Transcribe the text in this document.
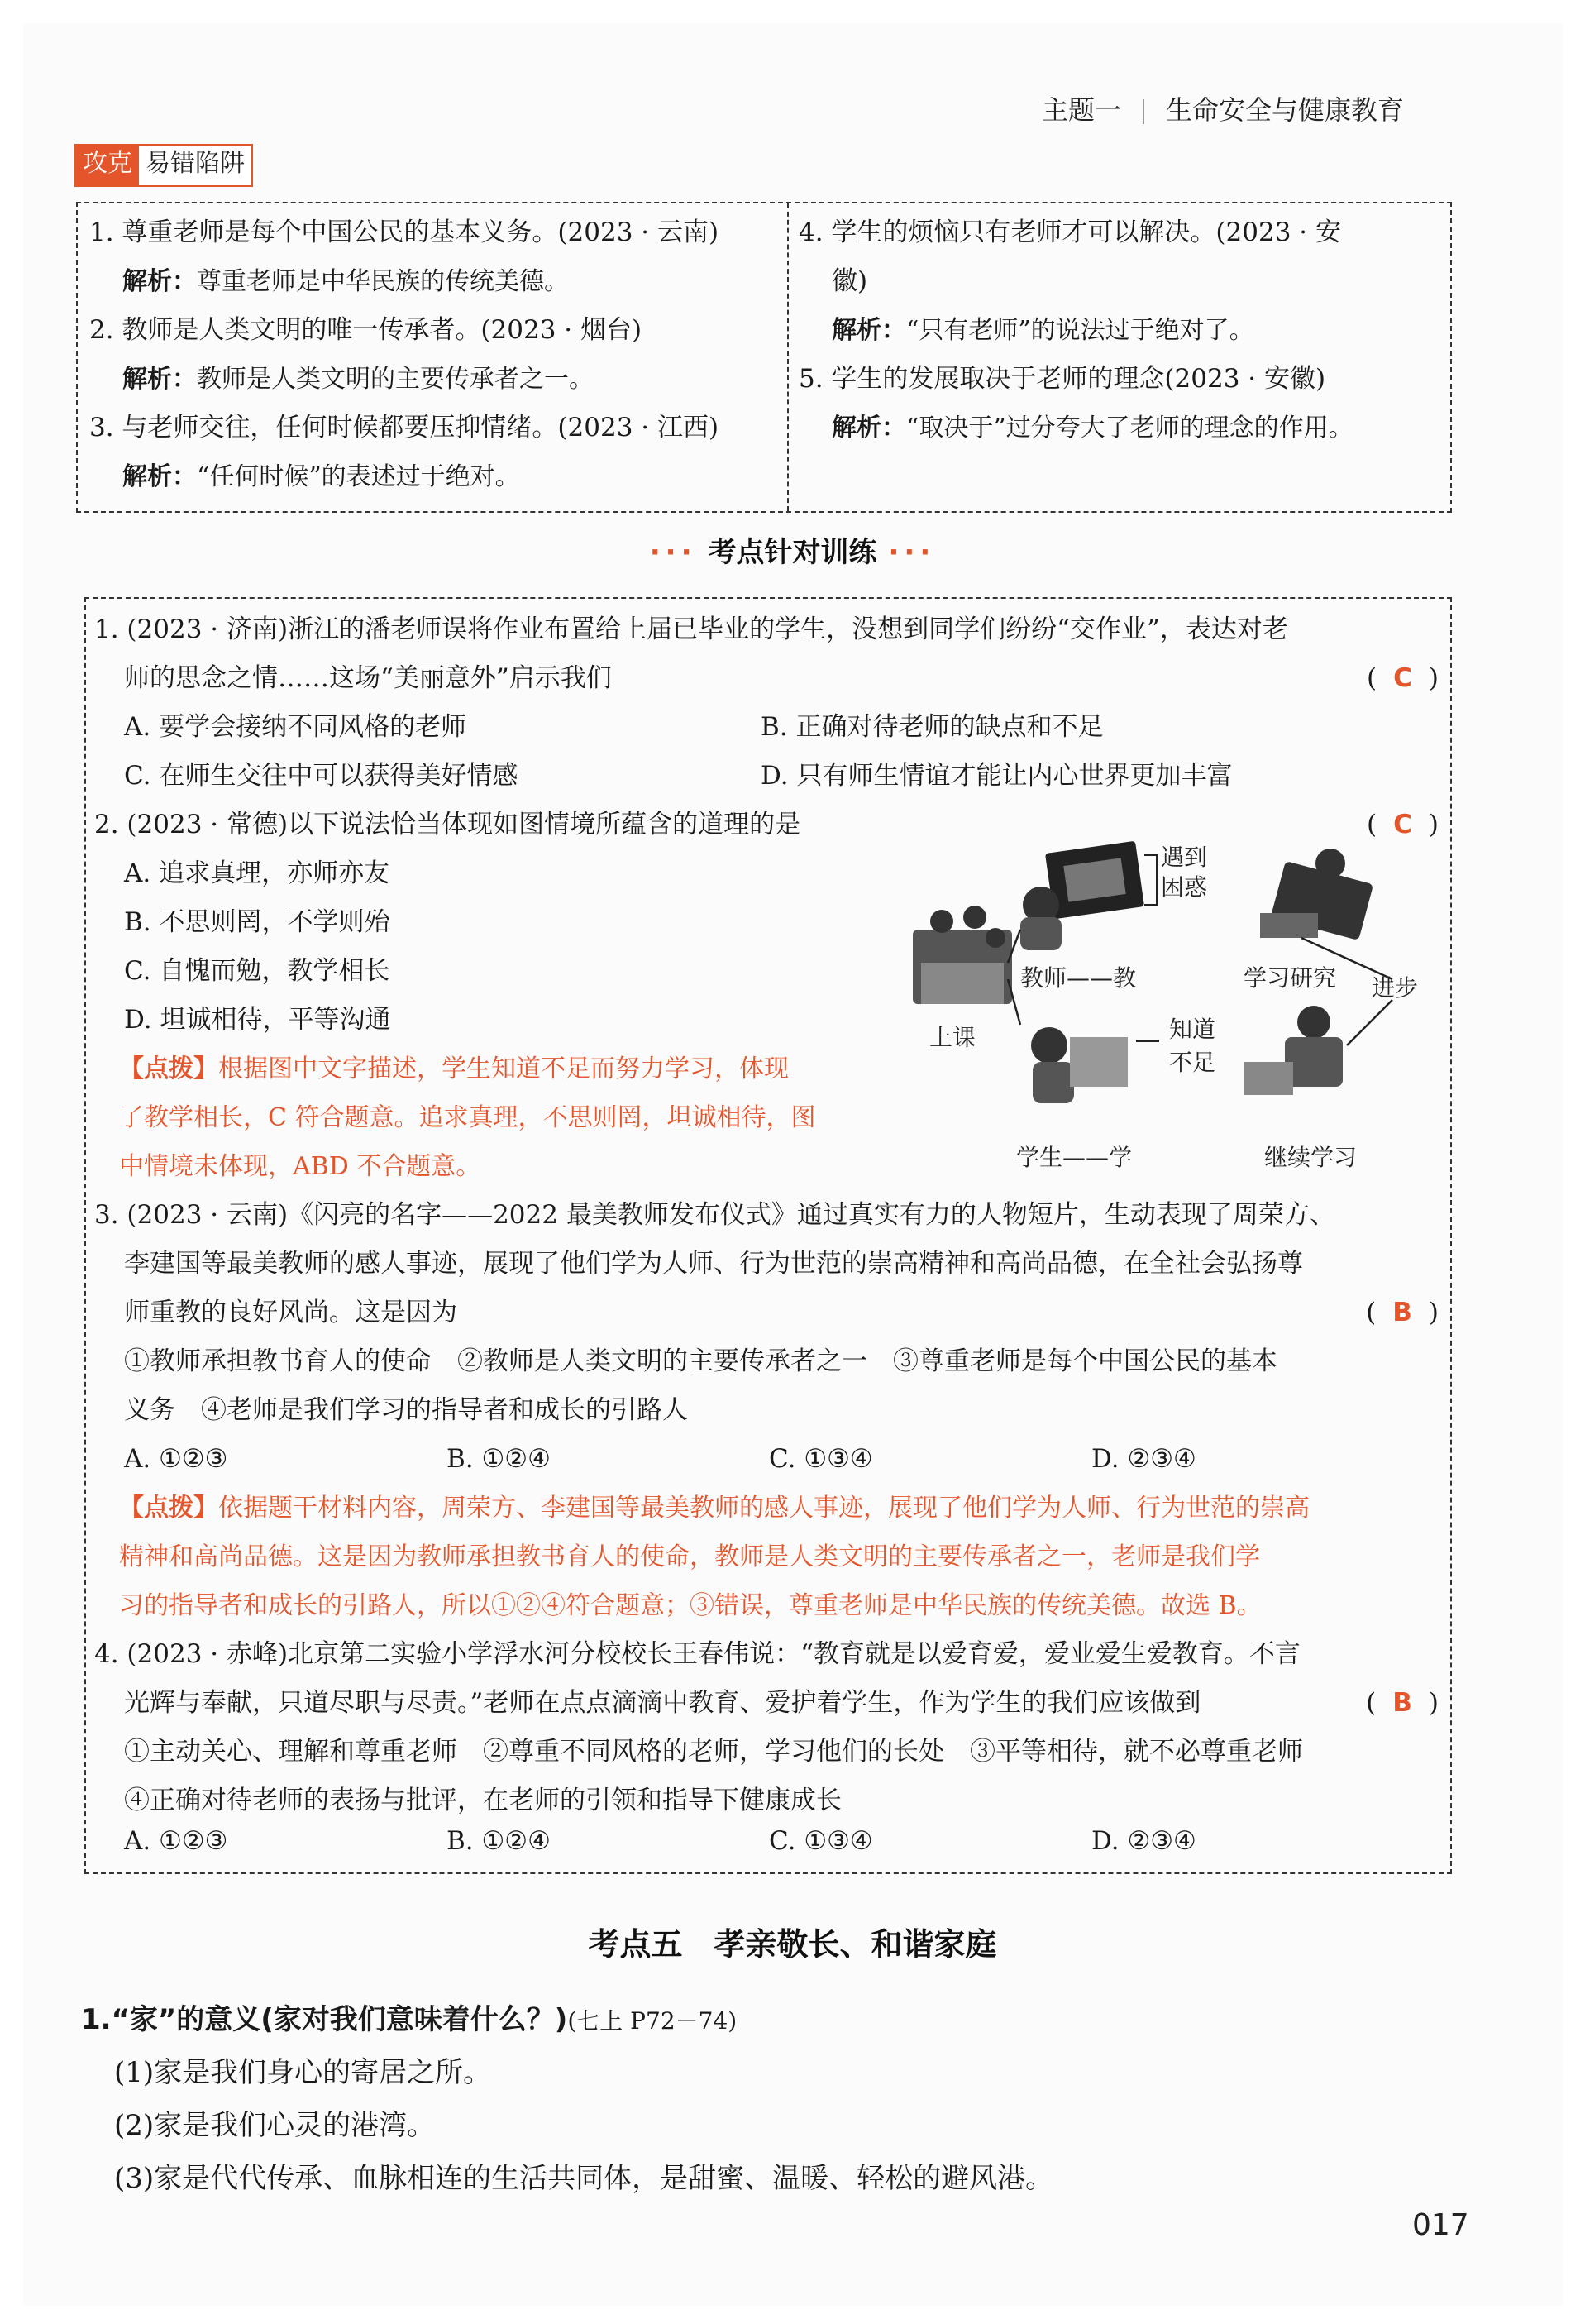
主题一 生命安全与健康教育
攻克 易错陷阱
1. 尊重老师是每个中国公民的基本义务。(2023 · 云南)
解析：尊重老师是中华民族的传统美德。
2. 教师是人类文明的唯一传承者。(2023 · 烟台)
解析：教师是人类文明的主要传承者之一。
3. 与老师交往，任何时候都要压抑情绪。(2023 · 江西)
解析：“任何时候”的表述过于绝对。
4. 学生的烦恼只有老师才可以解决。(2023 · 安
徽)
解析：“只有老师”的说法过于绝对了。
5. 学生的发展取决于老师的理念(2023 · 安徽)
解析：“取决于”过分夸大了老师的理念的作用。
··· 考点针对训练 ···
1. (2023 · 济南)浙江的潘老师误将作业布置给上届已毕业的学生，没想到同学们纷纷“交作业”，表达对老
师的思念之情……这场“美丽意外”启示我们	( C )
A. 要学会接纳不同风格的老师	B. 正确对待老师的缺点和不足
C. 在师生交往中可以获得美好情感	D. 只有师生情谊才能让内心世界更加丰富
2. (2023 · 常德)以下说法恰当体现如图情境所蕴含的道理的是	( C )
A. 追求真理，亦师亦友
B. 不思则罔，不学则殆
C. 自愧而勉，教学相长
D. 坦诚相待，平等沟通
【点拨】根据图中文字描述，学生知道不足而努力学习，体现
了教学相长，C 符合题意。追求真理，不思则罔，坦诚相待，图
中情境未体现，ABD 不合题意。
上课
教师——教
遇到
困惑
学习研究 进步
学生——学
知道
不足
继续学习
3. (2023 · 云南)《闪亮的名字——2022 最美教师发布仪式》通过真实有力的人物短片，生动表现了周荣方、
李建国等最美教师的感人事迹，展现了他们学为人师、行为世范的崇高精神和高尚品德，在全社会弘扬尊
师重教的良好风尚。这是因为	( B )
①教师承担教书育人的使命　②教师是人类文明的主要传承者之一　③尊重老师是每个中国公民的基本
义务　④老师是我们学习的指导者和成长的引路人
A. ①②③	B. ①②④	C. ①③④	D. ②③④
【点拨】依据题干材料内容，周荣方、李建国等最美教师的感人事迹，展现了他们学为人师、行为世范的崇高
精神和高尚品德。这是因为教师承担教书育人的使命，教师是人类文明的主要传承者之一，老师是我们学
习的指导者和成长的引路人，所以①②④符合题意；③错误，尊重老师是中华民族的传统美德。故选 B。
4. (2023 · 赤峰)北京第二实验小学浮水河分校校长王春伟说：“教育就是以爱育爱，爱业爱生爱教育。不言
光辉与奉献，只道尽职与尽责。”老师在点点滴滴中教育、爱护着学生，作为学生的我们应该做到	( B )
①主动关心、理解和尊重老师　②尊重不同风格的老师，学习他们的长处　③平等相待，就不必尊重老师
④正确对待老师的表扬与批评，在老师的引领和指导下健康成长
A. ①②③	B. ①②④	C. ①③④	D. ②③④
考点五　孝亲敬长、和谐家庭
1.“家”的意义(家对我们意味着什么？)(七上 P72－74)
(1)家是我们身心的寄居之所。
(2)家是我们心灵的港湾。
(3)家是代代传承、血脉相连的生活共同体，是甜蜜、温暖、轻松的避风港。
017
